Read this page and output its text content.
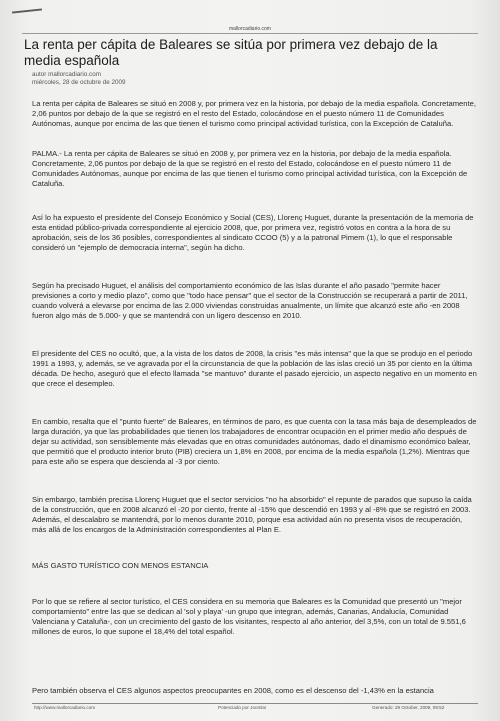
mallorcadiario.com
La renta per cápita de Baleares se sitúa por primera vez debajo de la media española
autor mallorcadiario.com
miércoles, 28 de octubre de 2009

La renta per cápita de Baleares se situó en 2008 y, por primera vez en la historia, por debajo de la media española. Concretamente, 2,06 puntos por debajo de la que se registró en el resto del Estado, colocándose en el puesto número 11 de Comunidades Autónomas, aunque por encima de las que tienen el turismo como principal actividad turística, con la Excepción de Cataluña.

PALMA.- La renta per cápita de Baleares se situó en 2008 y, por primera vez en la historia, por debajo de la media española. Concretamente, 2,06 puntos por debajo de la que se registró en el resto del Estado, colocándose en el puesto número 11 de Comunidades Autónomas, aunque por encima de las que tienen el turismo como principal actividad turística, con la Excepción de Cataluña.

Así lo ha expuesto el presidente del Consejo Económico y Social (CES), Llorenç Huguet, durante la presentación de la memoria de esta entidad público-privada correspondiente al ejercicio 2008, que, por primera vez, registró votos en contra a la hora de su aprobación, seis de los 36 posibles, correspondientes al sindicato CCOO (5) y a la patronal Pimem (1), lo que el responsable consideró un "ejemplo de democracia interna", según ha dicho.

Según ha precisado Huguet, el análisis del comportamiento económico de las Islas durante el año pasado "permite hacer previsiones a corto y medio plazo", como que "todo hace pensar" que el sector de la Construcción se recuperará a partir de 2011, cuando volverá a elevarse por encima de las 2.000 viviendas construidas anualmente, un límite que alcanzó este año -en 2008 fueron algo más de 5.000- y que se mantendrá con un ligero descenso en 2010.

El presidente del CES no ocultó, que, a la vista de los datos de 2008, la crisis "es más intensa" que la que se produjo en el periodo 1991 a 1993, y, además, se ve agravada por el la circunstancia de que la población de las islas creció un 35 por ciento en la última década. De hecho, aseguró que el efecto llamada "se mantuvo" durante el pasado ejercicio, un aspecto negativo en un momento en que crece el desempleo.

En cambio, resalta que el "punto fuerte" de Baleares, en términos de paro, es que cuenta con la tasa más baja de desempleados de larga duración, ya que las probabilidades que tienen los trabajadores de encontrar ocupación en el primer medio año después de dejar su actividad, son sensiblemente más elevadas que en otras comunidades autónomas, dado el dinamismo económico balear, que permitió que el producto interior bruto (PIB) creciera un 1,8% en 2008, por encima de la media española (1,2%). Mientras que para este año se espera que descienda al -3 por ciento.

Sin embargo, también precisa Llorenç Huguet que el sector servicios "no ha absorbido" el repunte de parados que supuso la caída de la construcción, que en 2008 alcanzó el -20 por ciento, frente al -15% que descendió en 1993 y al -8% que se registró en 2003. Además, el descalabro se mantendrá, por lo menos durante 2010, porque esa actividad aún no presenta visos de recuperación, más allá de los encargos de la Administración correspondientes al Plan E.

MÁS GASTO TURÍSTICO CON MENOS ESTANCIA

Por lo que se refiere al sector turístico, el CES considera en su memoria que Baleares es la Comunidad que presentó un "mejor comportamiento" entre las que se dedican al 'sol y playa' -un grupo que integran, además, Canarias, Andalucía, Comunidad Valenciana y Cataluña-, con un crecimiento del gasto de los visitantes, respecto al año anterior, del 3,5%, con un total de 9.551,6 millones de euros, lo que supone el 18,4% del total español.

Pero también observa el CES algunos aspectos preocupantes en 2008, como es el descenso del -1,43% en la estancia

http://www.mallorcadiario.com	Potenciado por Joomla!	Generado: 29 October, 2009, 09:52
